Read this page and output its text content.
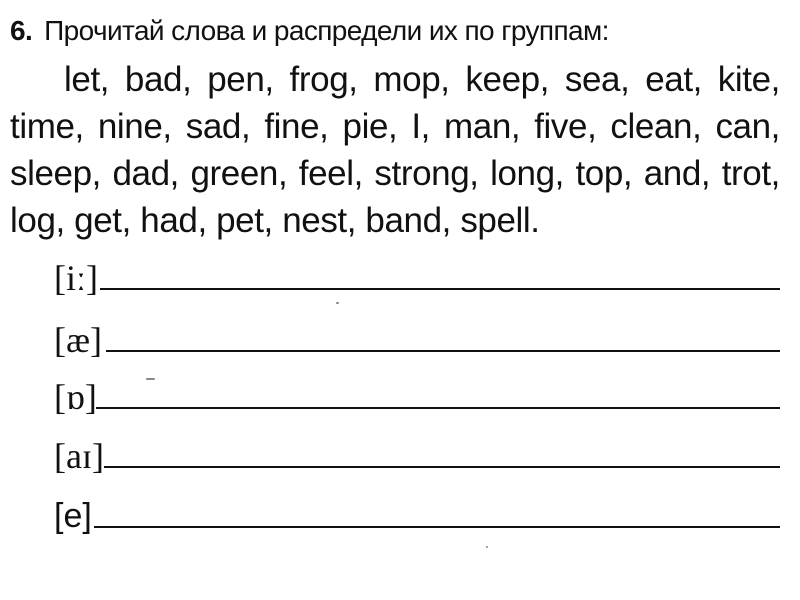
6. Прочитай слова и распредели их по группам:

let, bad, pen, frog, mop, keep, sea, eat, kite,
time, nine, sad, fine, pie, I, man, five, clean, can,
sleep, dad, green, feel, strong, long, top, and, trot,
log, get, had, pet, nest, band, spell.

[iː]
[æ]
[ɒ]
[aɪ]
[e]
